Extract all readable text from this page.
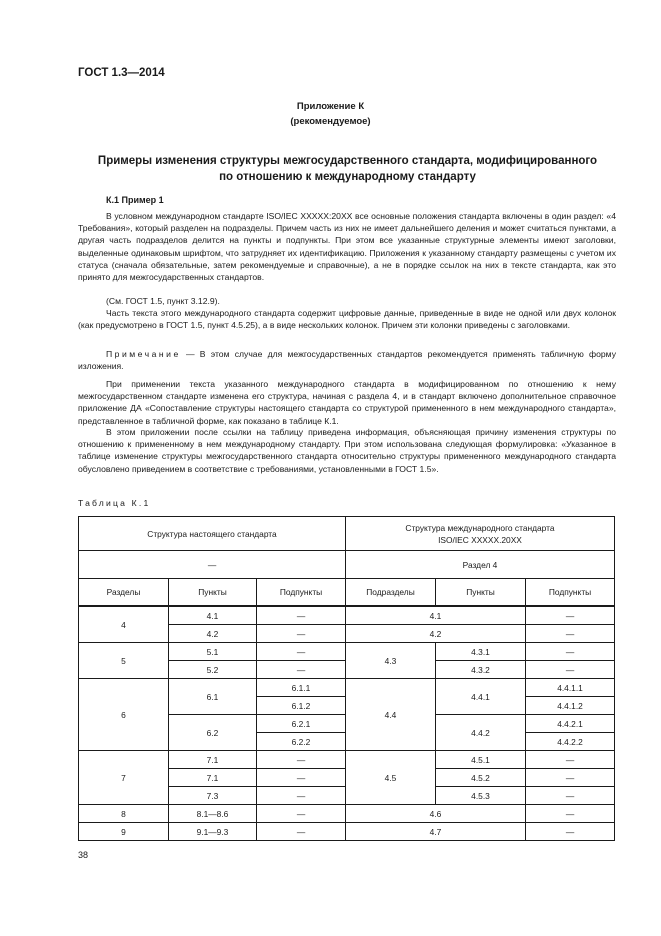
ГОСТ 1.3—2014
Приложение К
(рекомендуемое)
Примеры изменения структуры межгосударственного стандарта, модифицированного
по отношению к международному стандарту
К.1 Пример 1

В условном международном стандарте ISO/IEC XXXXX:20XX все основные положения стандарта включены в один раздел: «4 Требования», который разделен на подразделы. Причем часть из них не имеет дальнейшего деления и может считаться пунктами, а другая часть подразделов делится на пункты и подпункты. При этом все указанные структурные элементы имеют заголовки, выделенные одинаковым шрифтом, что затрудняет их идентификацию. Приложения к указанному стандарту размещены с учетом их статуса (сначала обязательные, затем рекомендуемые и справочные), а не в порядке ссылок на них в тексте стандарта, как это принято для межгосударственных стандартов.

(См. ГОСТ 1.5, пункт 3.12.9).

Часть текста этого международного стандарта содержит цифровые данные, приведенные в виде не одной или двух колонок (как предусмотрено в ГОСТ 1.5, пункт 4.5.25), а в виде нескольких колонок. Причем эти колонки приведены с заголовками.

Примечание — В этом случае для межгосударственных стандартов рекомендуется применять табличную форму изложения.

При применении текста указанного международного стандарта в модифицированном по отношению к нему межгосударственном стандарте изменена его структура, начиная с раздела 4, и в стандарт включено дополнительное справочное приложение ДА «Сопоставление структуры настоящего стандарта со структурой примененного в нем международного стандарта», представленное в табличной форме, как показано в таблице К.1.

В этом приложении после ссылки на таблицу приведена информация, объясняющая причину изменения структуры по отношению к примененному в нем международному стандарту. При этом использована следующая формулировка: «Указанное в таблице изменение структуры межгосударственного стандарта относительно структуры примененного международного стандарта обусловлено приведением в соответствие с требованиями, установленными в ГОСТ 1.5».

Таблица К.1
Структура настоящего стандарта			Структура международного стандарта
ISO/IEC XXXXX.20XX		

—			Раздел 4		
Разделы	Пункты	Подпункты	Подразделы	Пункты	Подпункты
4	4.1	—	4.1		—
	4.2	—	4.2		—
5	5.1	—	4.3	4.3.1	—
	5.2	—		4.3.2	—
6	6.1	6.1.1	4.4	4.4.1	4.4.1.1
		6.1.2			4.4.1.2
	6.2	6.2.1		4.4.2	4.4.2.1
		6.2.2			4.4.2.2
7	7.1	—	4.5	4.5.1	—
	7.1	—		4.5.2	—
	7.3	—		4.5.3	—
8	8.1—8.6	—	4.6		—
9	9.1—9.3	—	4.7		—
38
